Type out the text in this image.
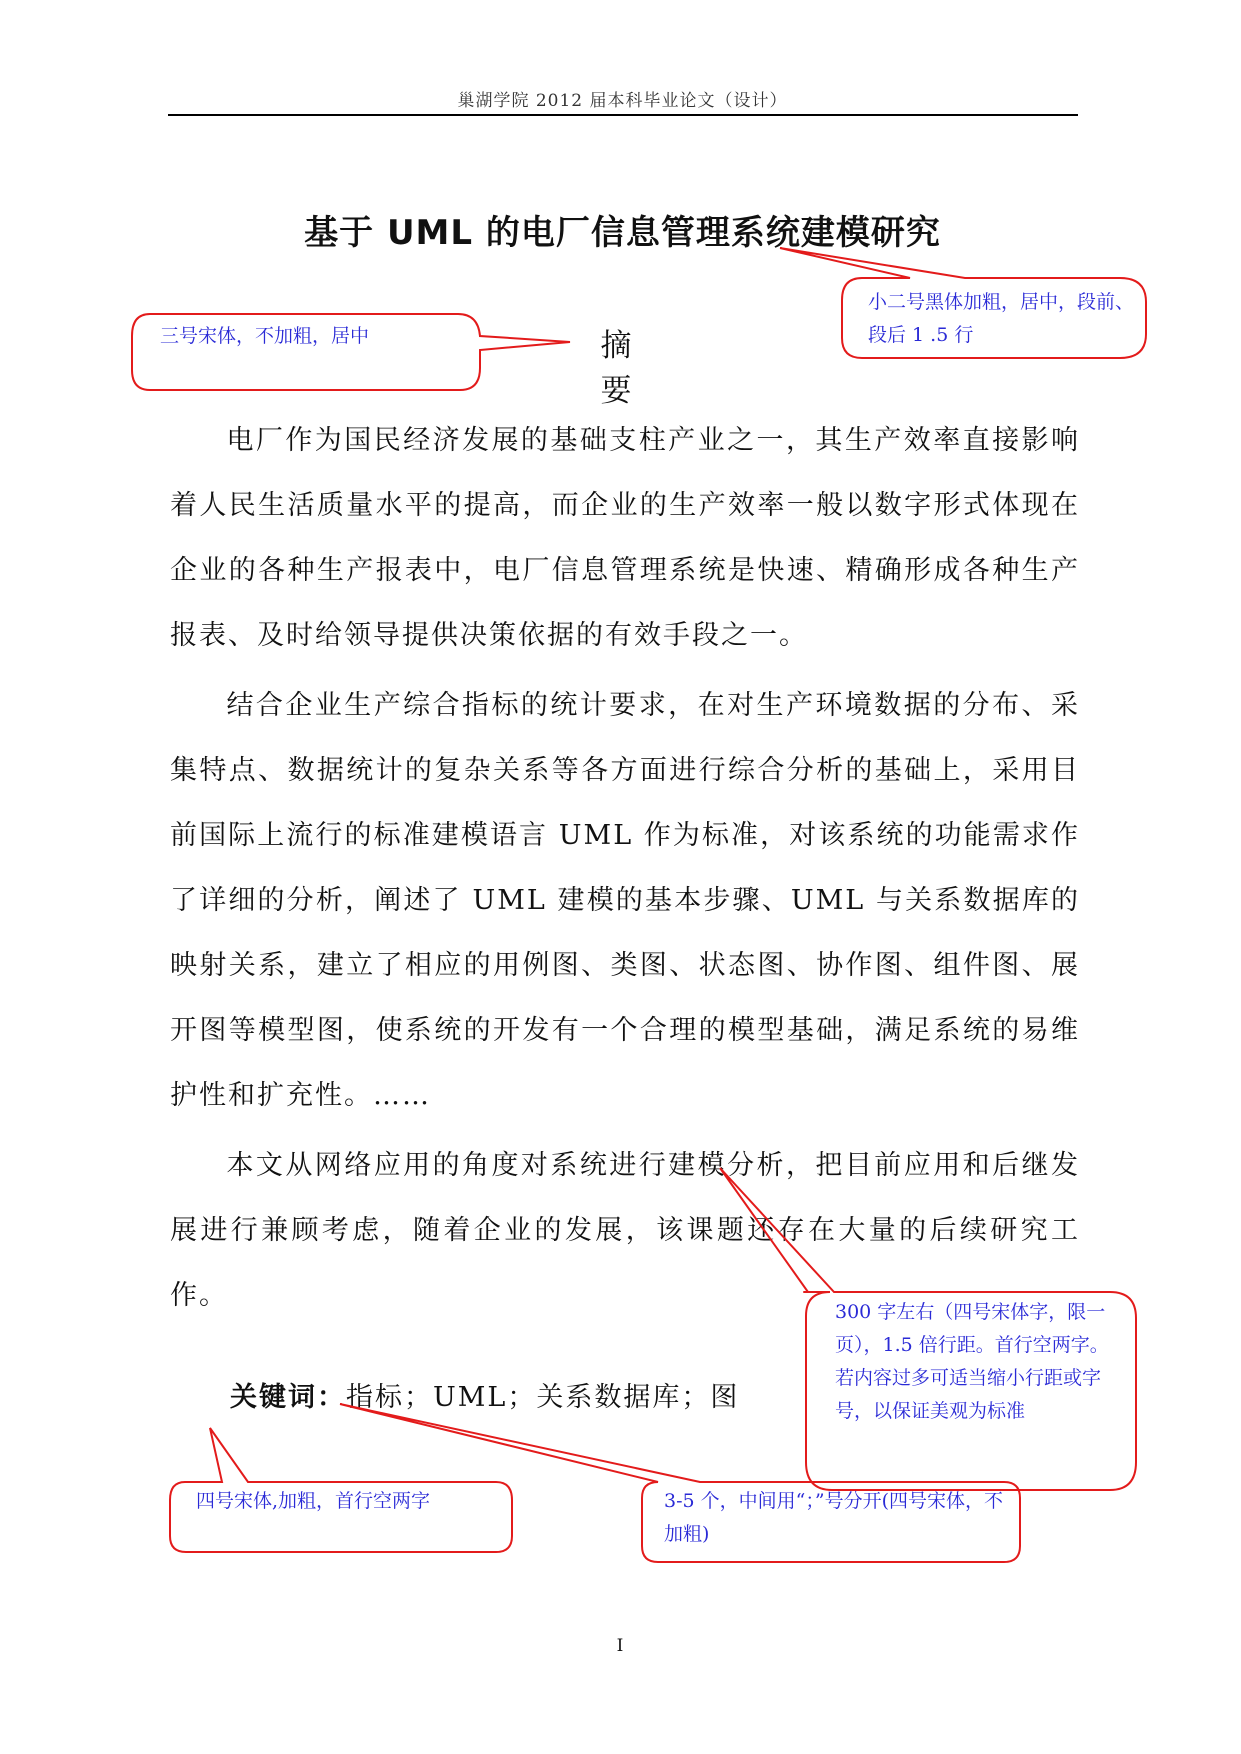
巢湖学院 2012 届本科毕业论文（设计）
基于 UML 的电厂信息管理系统建模研究
摘　要

电厂作为国民经济发展的基础支柱产业之一，其生产效率直接影响着人民生活质量水平的提高，而企业的生产效率一般以数字形式体现在企业的各种生产报表中，电厂信息管理系统是快速、精确形成各种生产报表、及时给领导提供决策依据的有效手段之一。

结合企业生产综合指标的统计要求，在对生产环境数据的分布、采集特点、数据统计的复杂关系等各方面进行综合分析的基础上，采用目前国际上流行的标准建模语言 UML 作为标准，对该系统的功能需求作了详细的分析，阐述了 UML 建模的基本步骤、UML 与关系数据库的映射关系，建立了相应的用例图、类图、状态图、协作图、组件图、展开图等模型图，使系统的开发有一个合理的模型基础，满足系统的易维护性和扩充性。……

本文从网络应用的角度对系统进行建模分析，把目前应用和后继发展进行兼顾考虑，随着企业的发展，该课题还存在大量的后续研究工作。

关键词：指标；UML；关系数据库；图
I

小二号黑体加粗，居中，段前、段后 1 .5 行

三号宋体，不加粗，居中

300 字左右（四号宋体字，限一页），1.5 倍行距。首行空两字。若内容过多可适当缩小行距或字号，以保证美观为标准

四号宋体,加粗，首行空两字	3-5 个，中间用“；”号分开(四号宋体，不加粗)
